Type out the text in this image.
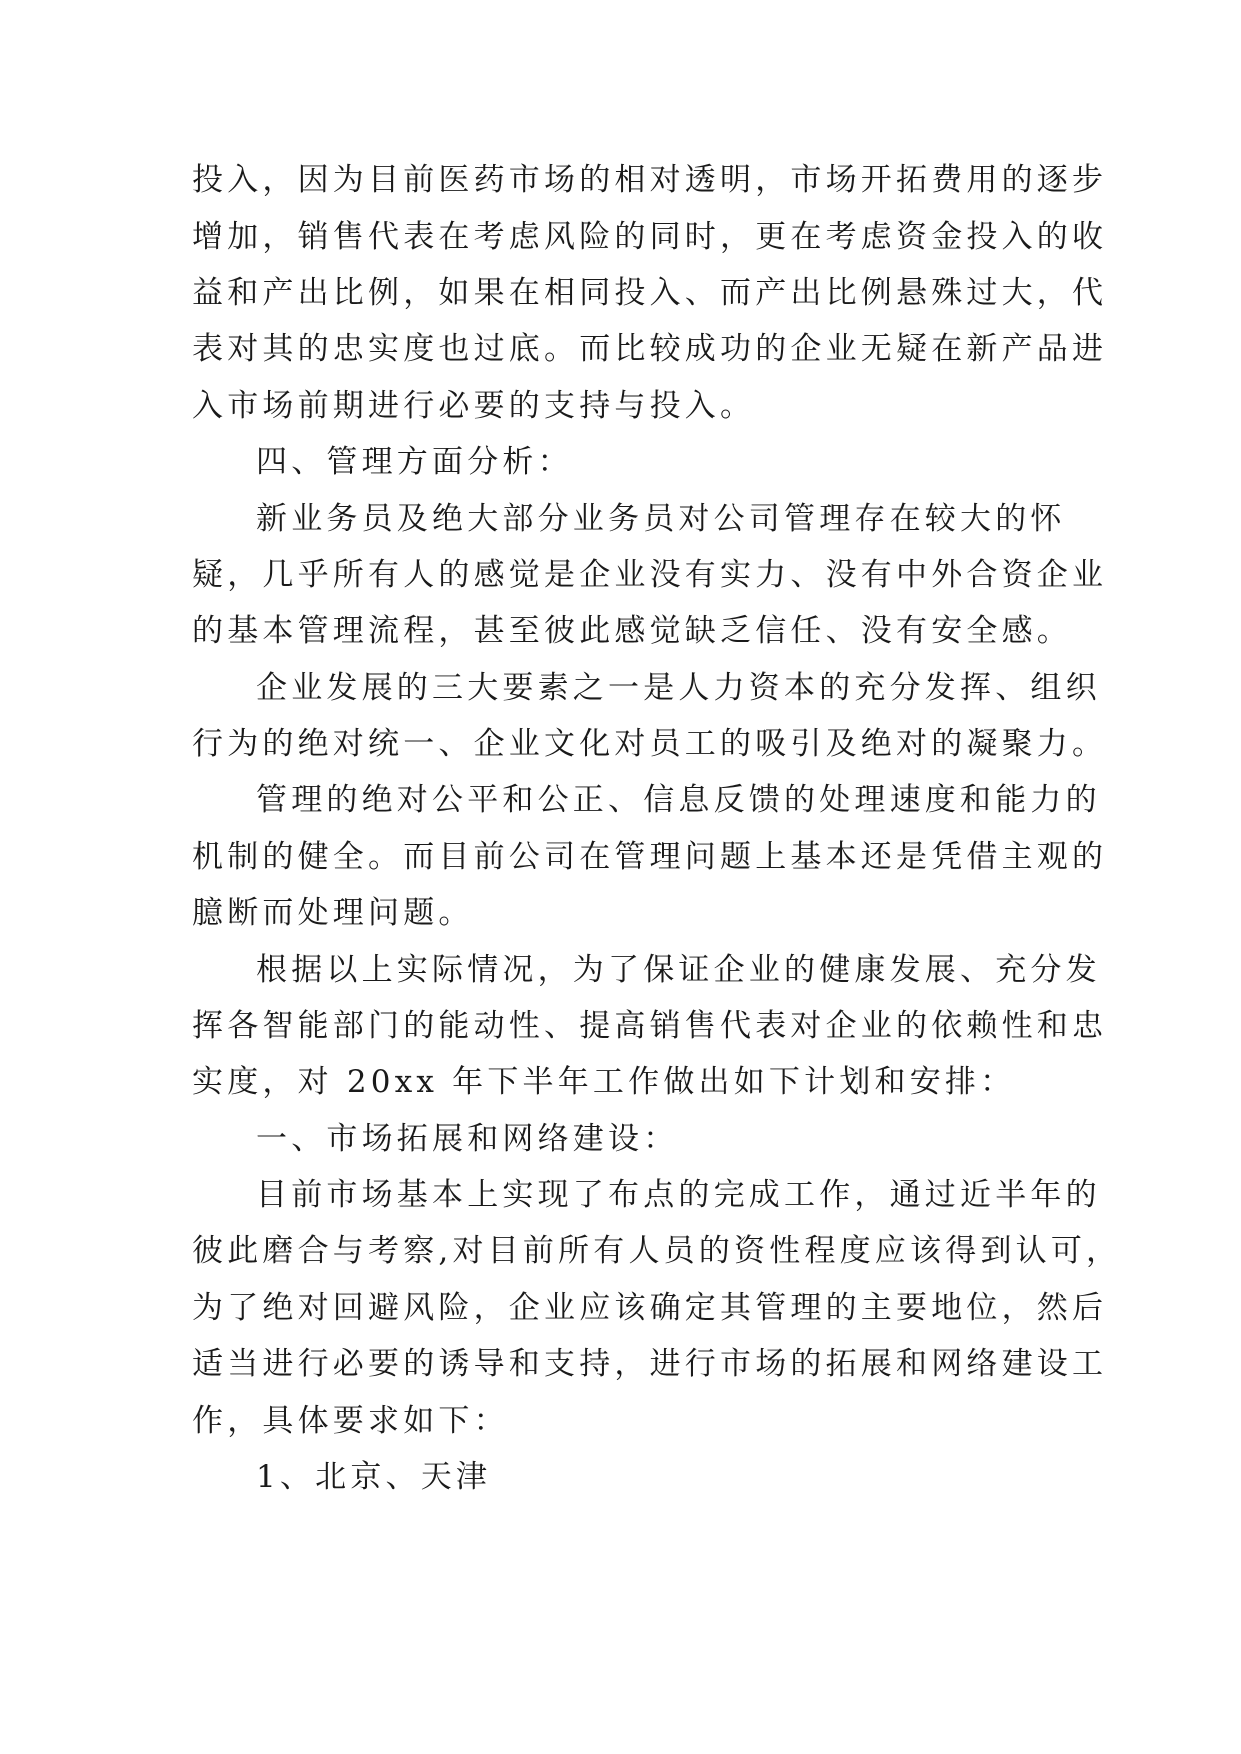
投入，因为目前医药市场的相对透明，市场开拓费用的逐步
增加，销售代表在考虑风险的同时，更在考虑资金投入的收
益和产出比例，如果在相同投入、而产出比例悬殊过大，代
表对其的忠实度也过底。而比较成功的企业无疑在新产品进
入市场前期进行必要的支持与投入。
四、管理方面分析：
新业务员及绝大部分业务员对公司管理存在较大的怀
疑，几乎所有人的感觉是企业没有实力、没有中外合资企业
的基本管理流程，甚至彼此感觉缺乏信任、没有安全感。
企业发展的三大要素之一是人力资本的充分发挥、组织
行为的绝对统一、企业文化对员工的吸引及绝对的凝聚力。
管理的绝对公平和公正、信息反馈的处理速度和能力的
机制的健全。而目前公司在管理问题上基本还是凭借主观的
臆断而处理问题。
根据以上实际情况，为了保证企业的健康发展、充分发
挥各智能部门的能动性、提高销售代表对企业的依赖性和忠
实度，对 20xx 年下半年工作做出如下计划和安排：
一、市场拓展和网络建设：
目前市场基本上实现了布点的完成工作，通过近半年的
彼此磨合与考察,对目前所有人员的资性程度应该得到认可，
为了绝对回避风险，企业应该确定其管理的主要地位，然后
适当进行必要的诱导和支持，进行市场的拓展和网络建设工
作，具体要求如下：
1、北京、天津
